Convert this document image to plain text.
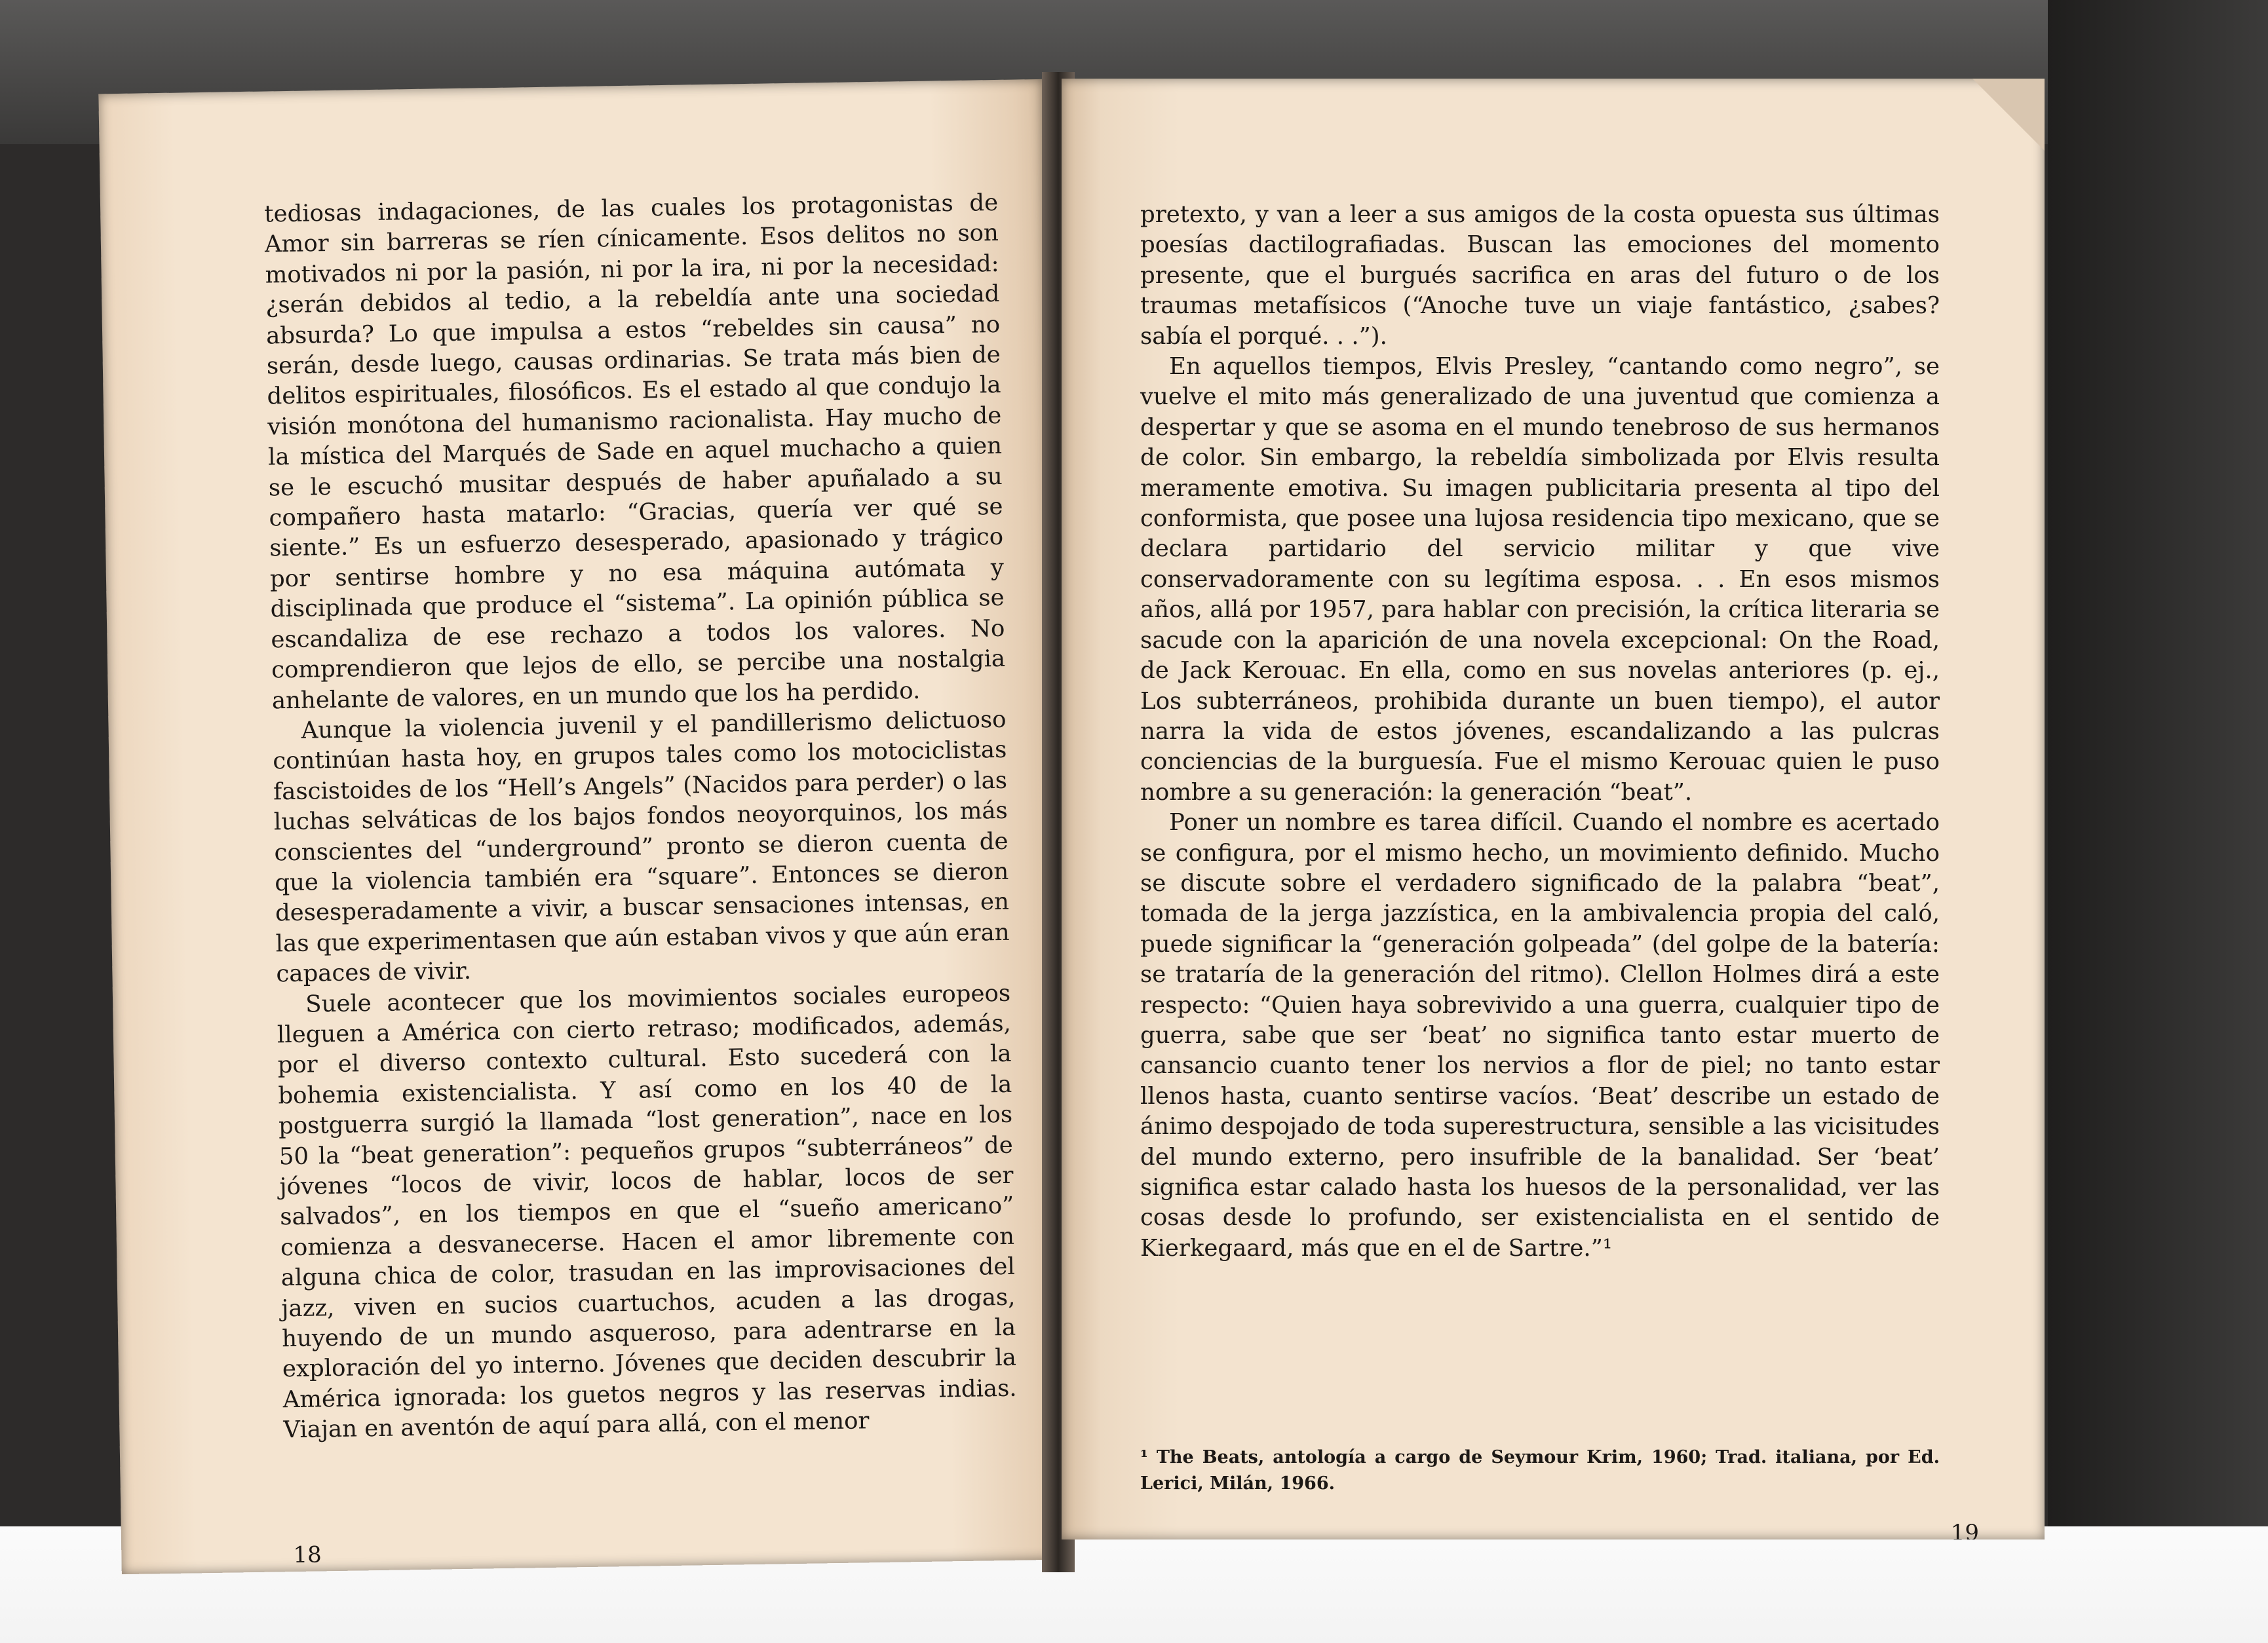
tediosas indagaciones, de las cuales los protagonistas de Amor sin barreras se ríen cínicamente. Esos delitos no son motivados ni por la pasión, ni por la ira, ni por la necesidad: ¿serán debidos al tedio, a la rebeldía ante una sociedad absurda? Lo que impulsa a estos “rebeldes sin causa” no serán, desde luego, causas ordinarias. Se trata más bien de delitos espirituales, filosóficos. Es el estado al que condujo la visión monótona del humanismo racionalista. Hay mucho de la mística del Marqués de Sade en aquel muchacho a quien se le escuchó musitar después de haber apuñalado a su compañero hasta matarlo: “Gracias, quería ver qué se siente.” Es un esfuerzo desesperado, apasionado y trágico por sentirse hombre y no esa máquina autómata y disciplinada que produce el “sistema”. La opinión pública se escandaliza de ese rechazo a todos los valores. No comprendieron que lejos de ello, se percibe una nostalgia anhelante de valores, en un mundo que los ha perdido.

Aunque la violencia juvenil y el pandillerismo delictuoso continúan hasta hoy, en grupos tales como los motociclistas fascistoides de los “Hell’s Angels” (Nacidos para perder) o las luchas selváticas de los bajos fondos neoyorquinos, los más conscientes del “underground” pronto se dieron cuenta de que la violencia también era “square”. Entonces se dieron desesperadamente a vivir, a buscar sensaciones intensas, en las que experimentasen que aún estaban vivos y que aún eran capaces de vivir.

Suele acontecer que los movimientos sociales europeos lleguen a América con cierto retraso; modificados, además, por el diverso contexto cultural. Esto sucederá con la bohemia existencialista. Y así como en los 40 de la postguerra surgió la llamada “lost generation”, nace en los 50 la “beat generation”: pequeños grupos “subterráneos” de jóvenes “locos de vivir, locos de hablar, locos de ser salvados”, en los tiempos en que el “sueño americano” comienza a desvanecerse. Hacen el amor libremente con alguna chica de color, trasudan en las improvisaciones del jazz, viven en sucios cuartuchos, acuden a las drogas, huyendo de un mundo asqueroso, para adentrarse en la exploración del yo interno. Jóvenes que deciden descubrir la América ignorada: los guetos negros y las reservas indias. Viajan en aventón de aquí para allá, con el menor

18

pretexto, y van a leer a sus amigos de la costa opuesta sus últimas poesías dactilografiadas. Buscan las emociones del momento presente, que el burgués sacrifica en aras del futuro o de los traumas metafísicos (“Anoche tuve un viaje fantástico, ¿sabes? sabía el porqué. . .”).

En aquellos tiempos, Elvis Presley, “cantando como negro”, se vuelve el mito más generalizado de una juventud que comienza a despertar y que se asoma en el mundo tenebroso de sus hermanos de color. Sin embargo, la rebeldía simbolizada por Elvis resulta meramente emotiva. Su imagen publicitaria presenta al tipo del conformista, que posee una lujosa residencia tipo mexicano, que se declara partidario del servicio militar y que vive conservadoramente con su legítima esposa. . . En esos mismos años, allá por 1957, para hablar con precisión, la crítica literaria se sacude con la aparición de una novela excepcional: On the Road, de Jack Kerouac. En ella, como en sus novelas anteriores (p. ej., Los subterráneos, prohibida durante un buen tiempo), el autor narra la vida de estos jóvenes, escandalizando a las pulcras conciencias de la burguesía. Fue el mismo Kerouac quien le puso nombre a su generación: la generación “beat”.

Poner un nombre es tarea difícil. Cuando el nombre es acertado se configura, por el mismo hecho, un movimiento definido. Mucho se discute sobre el verdadero significado de la palabra “beat”, tomada de la jerga jazzística, en la ambivalencia propia del caló, puede significar la “generación golpeada” (del golpe de la batería: se trataría de la generación del ritmo). Clellon Holmes dirá a este respecto: “Quien haya sobrevivido a una guerra, cualquier tipo de guerra, sabe que ser ‘beat’ no significa tanto estar muerto de cansancio cuanto tener los nervios a flor de piel; no tanto estar llenos hasta, cuanto sentirse vacíos. ‘Beat’ describe un estado de ánimo despojado de toda superestructura, sensible a las vicisitudes del mundo externo, pero insufrible de la banalidad. Ser ‘beat’ significa estar calado hasta los huesos de la personalidad, ver las cosas desde lo profundo, ser existencialista en el sentido de Kierkegaard, más que en el de Sartre.”¹

¹ The Beats, antología a cargo de Seymour Krim, 1960; Trad. italiana, por Ed. Lerici, Milán, 1966.
19
